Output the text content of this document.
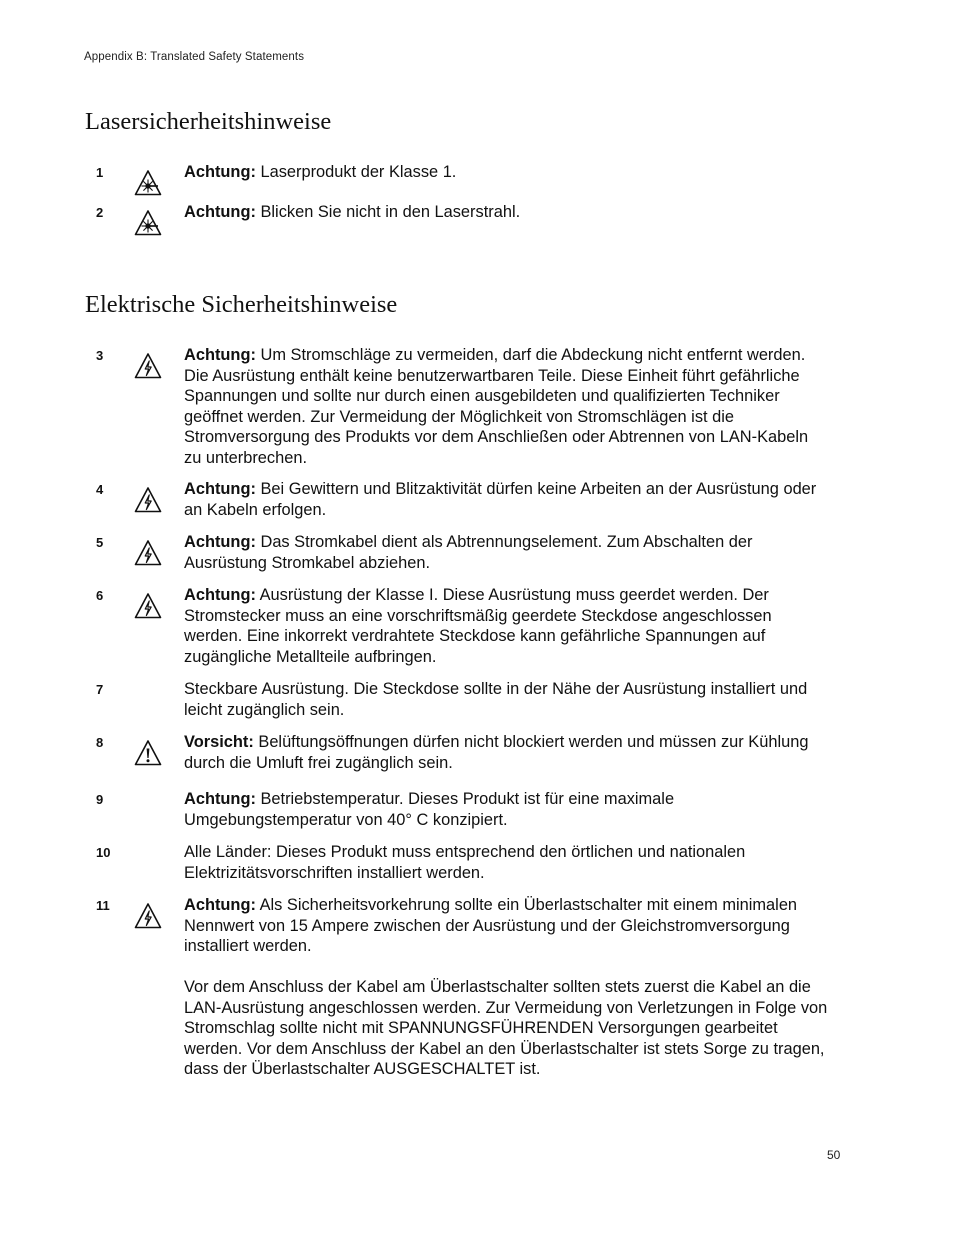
Appendix B: Translated Safety Statements
Lasersicherheitshinweise
1	Achtung: Laserprodukt der Klasse 1.
2	Achtung: Blicken Sie nicht in den Laserstrahl.
Elektrische Sicherheitshinweise
3	Achtung: Um Stromschläge zu vermeiden, darf die Abdeckung nicht entfernt werden. Die Ausrüstung enthält keine benutzerwartbaren Teile. Diese Einheit führt gefährliche Spannungen und sollte nur durch einen ausgebildeten und qualifizierten Techniker geöffnet werden. Zur Vermeidung der Möglichkeit von Stromschlägen ist die Stromversorgung des Produkts vor dem Anschließen oder Abtrennen von LAN-Kabeln zu unterbrechen.
4	Achtung: Bei Gewittern und Blitzaktivität dürfen keine Arbeiten an der Ausrüstung oder an Kabeln erfolgen.
5	Achtung: Das Stromkabel dient als Abtrennungselement. Zum Abschalten der Ausrüstung Stromkabel abziehen.
6	Achtung: Ausrüstung der Klasse I. Diese Ausrüstung muss geerdet werden. Der Stromstecker muss an eine vorschriftsmäßig geerdete Steckdose angeschlossen werden. Eine inkorrekt verdrahtete Steckdose kann gefährliche Spannungen auf zugängliche Metallteile aufbringen.
7	Steckbare Ausrüstung. Die Steckdose sollte in der Nähe der Ausrüstung installiert und leicht zugänglich sein.
8	Vorsicht: Belüftungsöffnungen dürfen nicht blockiert werden und müssen zur Kühlung durch die Umluft frei zugänglich sein.
9	Achtung: Betriebstemperatur. Dieses Produkt ist für eine maximale Umgebungstemperatur von 40° C konzipiert.
10	Alle Länder: Dieses Produkt muss entsprechend den örtlichen und nationalen Elektrizitätsvorschriften installiert werden.
11	Achtung: Als Sicherheitsvorkehrung sollte ein Überlastschalter mit einem minimalen Nennwert von 15 Ampere zwischen der Ausrüstung und der Gleichstromversorgung installiert werden.

Vor dem Anschluss der Kabel am Überlastschalter sollten stets zuerst die Kabel an die LAN-Ausrüstung angeschlossen werden. Zur Vermeidung von Verletzungen in Folge von Stromschlag sollte nicht mit SPANNUNGSFÜHRENDEN Versorgungen gearbeitet werden. Vor dem Anschluss der Kabel an den Überlastschalter ist stets Sorge zu tragen, dass der Überlastschalter AUSGESCHALTET ist.

50
